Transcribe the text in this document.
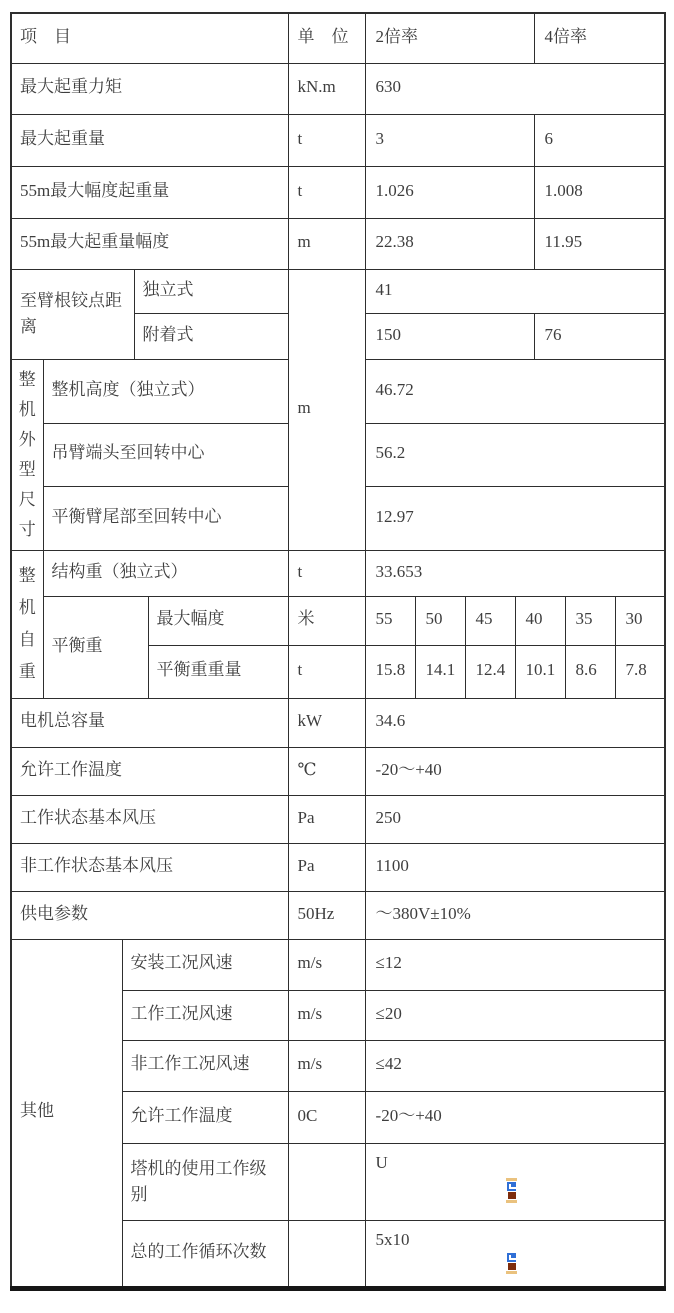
项　目					单　位	2倍率				4倍率		
最大起重力矩					kN.m	630						
最大起重量					t	3				6		
55m最大幅度起重量					t	1.026				1.008		
55m最大起重量幅度					m	22.38				11.95		
至臂根铰点距离			独立式		m	41						
			附着式			150				76		
整机外型尺寸	整机高度（独立式）					46.72						
	吊臂端头至回转中心					56.2						
	平衡臂尾部至回转中心					12.97						
整机自重	结构重（独立式）				t	33.653						
	平衡重			最大幅度	米	55	50	45	40		35	30
				平衡重重量	t	15.8	14.1	12.4	10.1		8.6	7.8
电机总容量					kW	34.6						
允许工作温度					℃	-20～+40						
工作状态基本风压					Pa	250						
非工作状态基本风压					Pa	1100						
供电参数					50Hz	～380V±10%						
其他		安装工况风速			m/s	≤12						
		工作工况风速			m/s	≤20						
		非工作工况风速			m/s	≤42						
		允许工作温度			0C	-20～+40						
		塔机的使用工作级别				U						

		总的工作循环次数				5x10						
